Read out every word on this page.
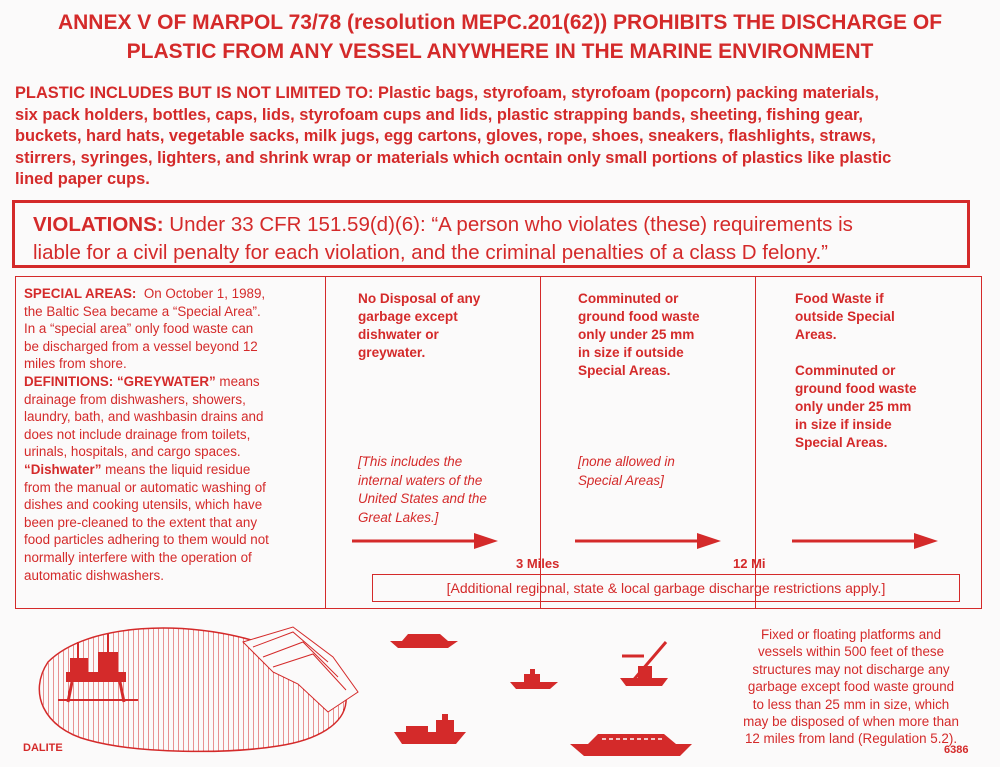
ANNEX V OF MARPOL 73/78 (resolution MEPC.201(62)) PROHIBITS THE DISCHARGE OF
PLASTIC FROM ANY VESSEL ANYWHERE IN THE MARINE ENVIRONMENT
PLASTIC INCLUDES BUT IS NOT LIMITED TO: Plastic bags, styrofoam, styrofoam (popcorn) packing materials,
six pack holders, bottles, caps, lids, styrofoam cups and lids, plastic strapping bands, sheeting, fishing gear,
buckets, hard hats, vegetable sacks, milk jugs, egg cartons, gloves, rope, shoes, sneakers, flashlights, straws,
stirrers, syringes, lighters, and shrink wrap or materials which ocntain only small portions of plastics like plastic
lined paper cups.
VIOLATIONS: Under 33 CFR 151.59(d)(6): “A person who violates (these) requirements is
liable for a civil penalty for each violation, and the criminal penalties of a class D felony.”
SPECIAL AREAS: On October 1, 1989,
the Baltic Sea became a “Special Area”.
In a “special area” only food waste can
be discharged from a vessel beyond 12
miles from shore.
DEFINITIONS: “GREYWATER” means
drainage from dishwashers, showers,
laundry, bath, and washbasin drains and
does not include drainage from toilets,
urinals, hospitals, and cargo spaces.
“Dishwater” means the liquid residue
from the manual or automatic washing of
dishes and cooking utensils, which have
been pre-cleaned to the extent that any
food particles adhering to them would not
normally interfere with the operation of
automatic dishwashers.
No Disposal of any
garbage except
dishwater or
greywater.
[This includes the
internal waters of the
United States and the
Great Lakes.]
Comminuted or
ground food waste
only under 25 mm
in size if outside
Special Areas.
[none allowed in
Special Areas]
Food Waste if
outside Special
Areas.
Comminuted or
ground food waste
only under 25 mm
in size if inside
Special Areas.
3 Miles	12 Mi
[Additional regional, state & local garbage discharge restrictions apply.]
Fixed or floating platforms and
vessels within 500 feet of these
structures may not discharge any
garbage except food waste ground
to less than 25 mm in size, which
may be disposed of when more than
12 miles from land (Regulation 5.2).
DALITE	6386
